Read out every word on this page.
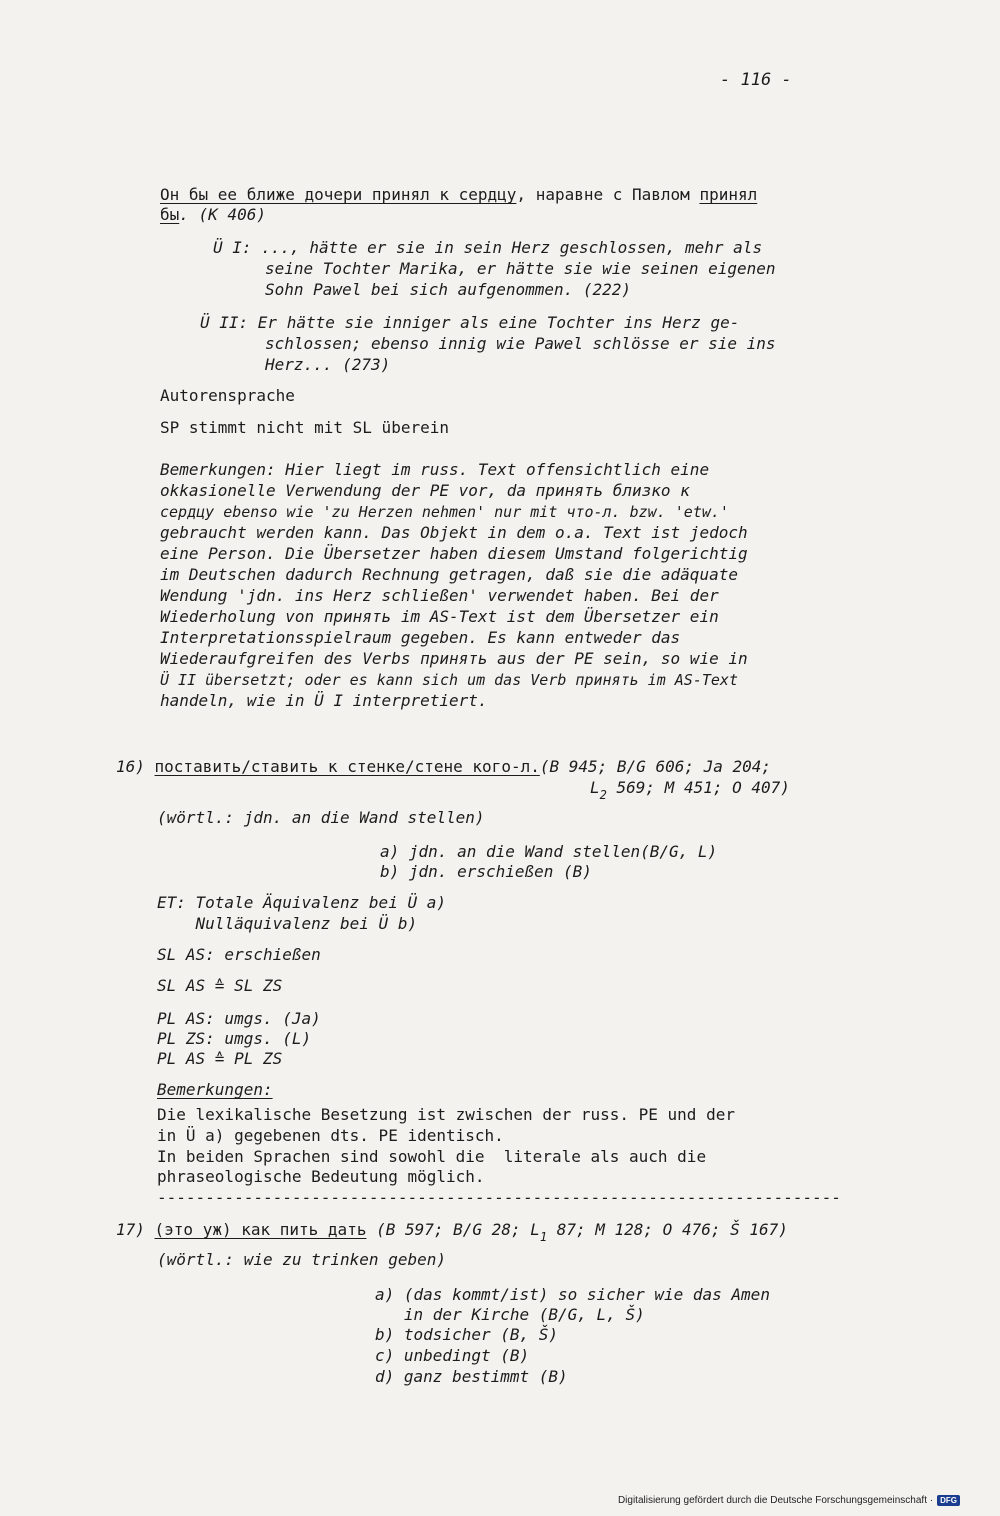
- 116 -
Он бы ее ближе дочери принял к сердцу, наравне с Павлом принял
бы. (K 406)
Ü I: ..., hätte er sie in sein Herz geschlossen, mehr als
seine Tochter Marika, er hätte sie wie seinen eigenen
Sohn Pawel bei sich aufgenommen. (222)
Ü II: Er hätte sie inniger als eine Tochter ins Herz ge-
schlossen; ebenso innig wie Pawel schlösse er sie ins
Herz... (273)
Autorensprache
SP stimmt nicht mit SL überein
Bemerkungen: Hier liegt im russ. Text offensichtlich eine
okkasionelle Verwendung der PE vor, da принять близко к
сердцу ebenso wie 'zu Herzen nehmen' nur mit что-л. bzw. 'etw.'
gebraucht werden kann. Das Objekt in dem o.a. Text ist jedoch
eine Person. Die Übersetzer haben diesem Umstand folgerichtig
im Deutschen dadurch Rechnung getragen, daß sie die adäquate
Wendung 'jdn. ins Herz schließen' verwendet haben. Bei der
Wiederholung von принять im AS-Text ist dem Übersetzer ein
Interpretationsspielraum gegeben. Es kann entweder das
Wiederaufgreifen des Verbs принять aus der PE sein, so wie in
Ü II übersetzt; oder es kann sich um das Verb принять im AS-Text
handeln, wie in Ü I interpretiert.
16) поставить/ставить к стенке/стене кого-л.(B 945; B/G 606; Ja 204;
$L_2$ 569; M 451; O 407)
(wörtl.: jdn. an die Wand stellen)
a) jdn. an die Wand stellen(B/G, L)
b) jdn. erschießen (B)
ET: Totale Äquivalenz bei Ü a)
Nulläquivalenz bei Ü b)
SL AS: erschießen
SL AS ≙ SL ZS
PL AS: umgs. (Ja)
PL ZS: umgs. (L)
PL AS ≙ PL ZS
Bemerkungen:
Die lexikalische Besetzung ist zwischen der russ. PE und der
in Ü a) gegebenen dts. PE identisch.
In beiden Sprachen sind sowohl die  literale als auch die
phraseologische Bedeutung möglich.
-----------------------------------------------------------------------
17) (это уж) как пить дать (B 597; B/G 28; $L_1$ 87; M 128; O 476; Š 167)
(wörtl.: wie zu trinken geben)
a) (das kommt/ist) so sicher wie das Amen
in der Kirche (B/G, L, Š)
b) todsicher (B, Š)
c) unbedingt (B)
d) ganz bestimmt (B)
Digitalisierung gefördert durch die Deutsche Forschungsgemeinschaft · DFG
